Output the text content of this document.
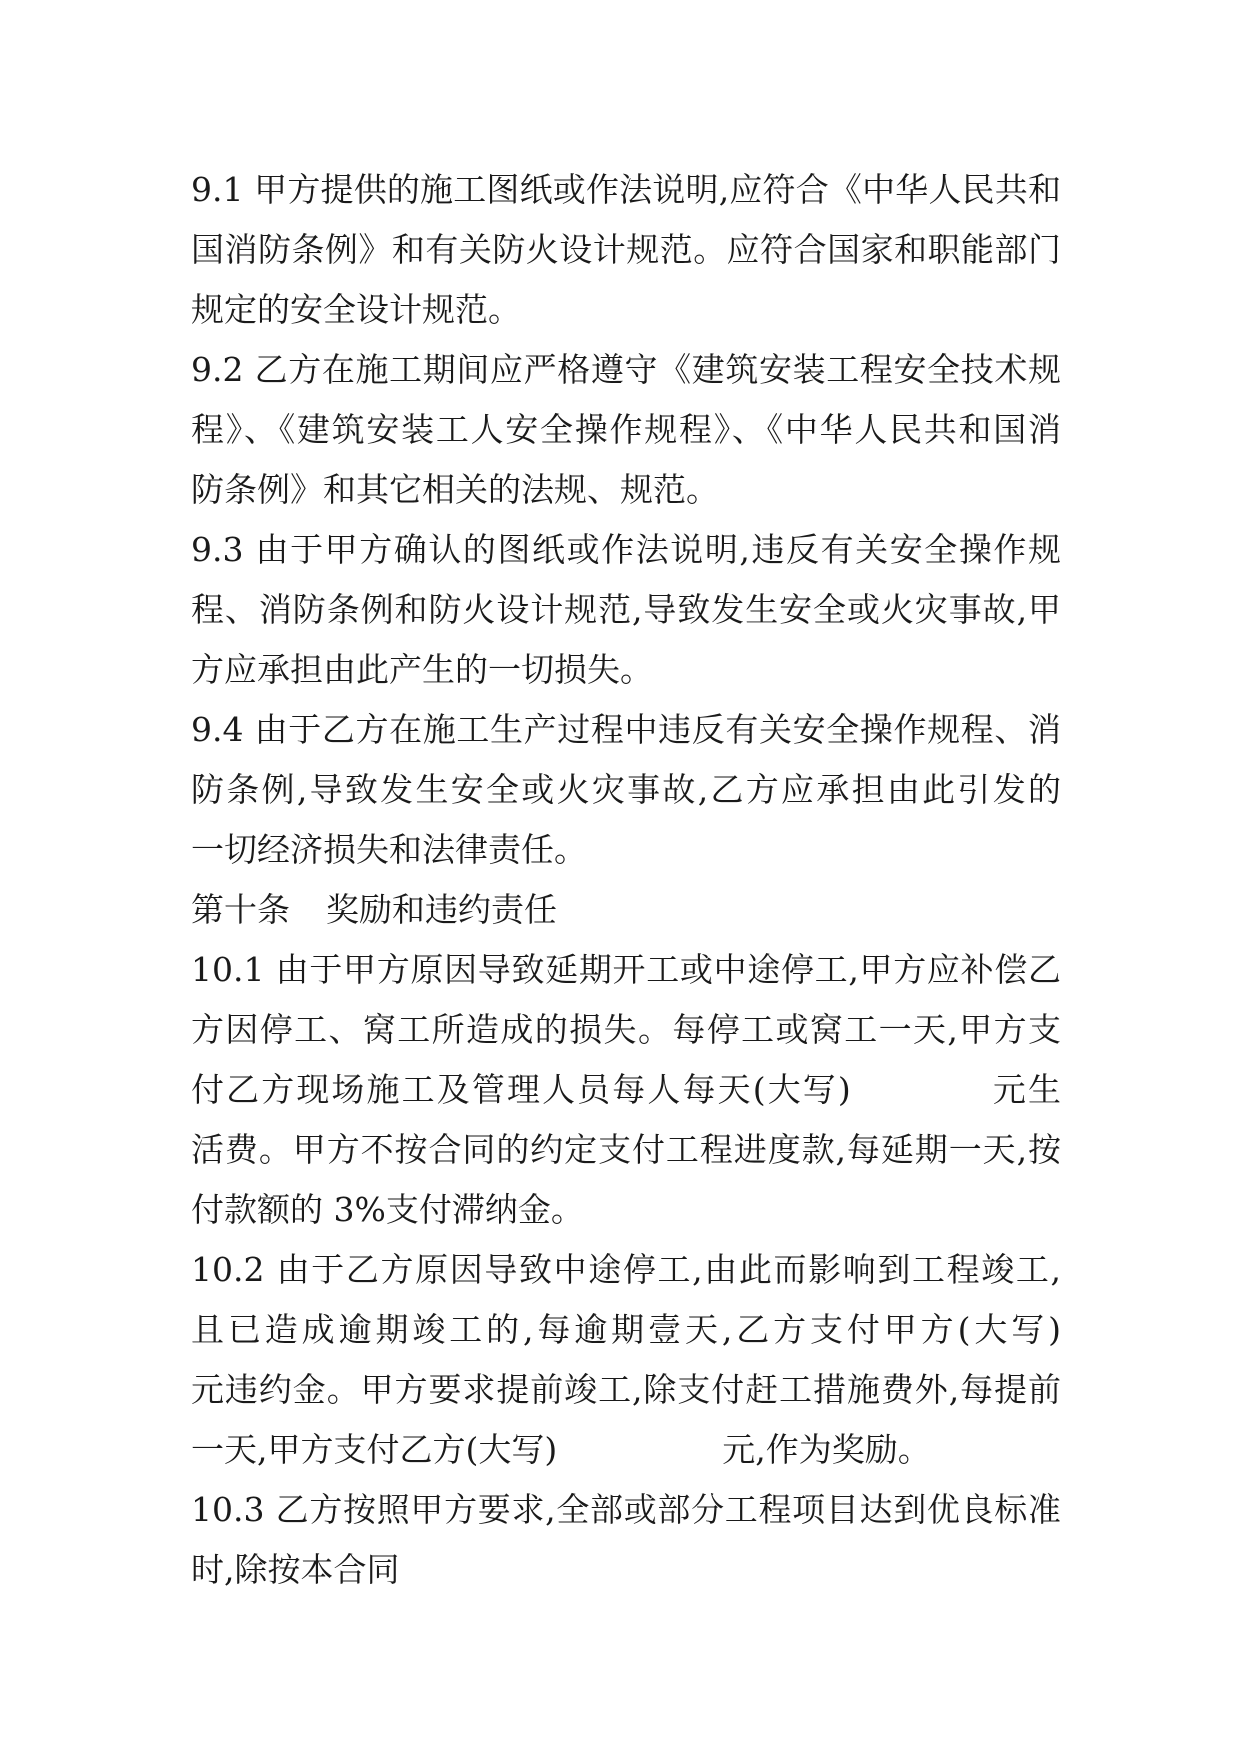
9.1 甲方提供的施工图纸或作法说明,应符合《中华人民共和
国消防条例》和有关防火设计规范。应符合国家和职能部门
规定的安全设计规范。
9.2 乙方在施工期间应严格遵守《建筑安装工程安全技术规
程》、《建筑安装工人安全操作规程》、《中华人民共和国消
防条例》和其它相关的法规、规范。
9.3 由于甲方确认的图纸或作法说明,违反有关安全操作规
程、消防条例和防火设计规范,导致发生安全或火灾事故,甲
方应承担由此产生的一切损失。
9.4 由于乙方在施工生产过程中违反有关安全操作规程、消
防条例,导致发生安全或火灾事故,乙方应承担由此引发的
一切经济损失和法律责任。
第十条 奖励和违约责任
10.1 由于甲方原因导致延期开工或中途停工,甲方应补偿乙
方因停工、窝工所造成的损失。每停工或窝工一天,甲方支
付乙方现场施工及管理人员每人每天(大写)	元生
活费。甲方不按合同的约定支付工程进度款,每延期一天,按
付款额的 3%支付滞纳金。
10.2 由于乙方原因导致中途停工,由此而影响到工程竣工,
且已造成逾期竣工的,每逾期壹天,乙方支付甲方(大写)
元违约金。甲方要求提前竣工,除支付赶工措施费外,每提前
一天,甲方支付乙方(大写)	元,作为奖励。
10.3 乙方按照甲方要求,全部或部分工程项目达到优良标准
时,除按本合同
